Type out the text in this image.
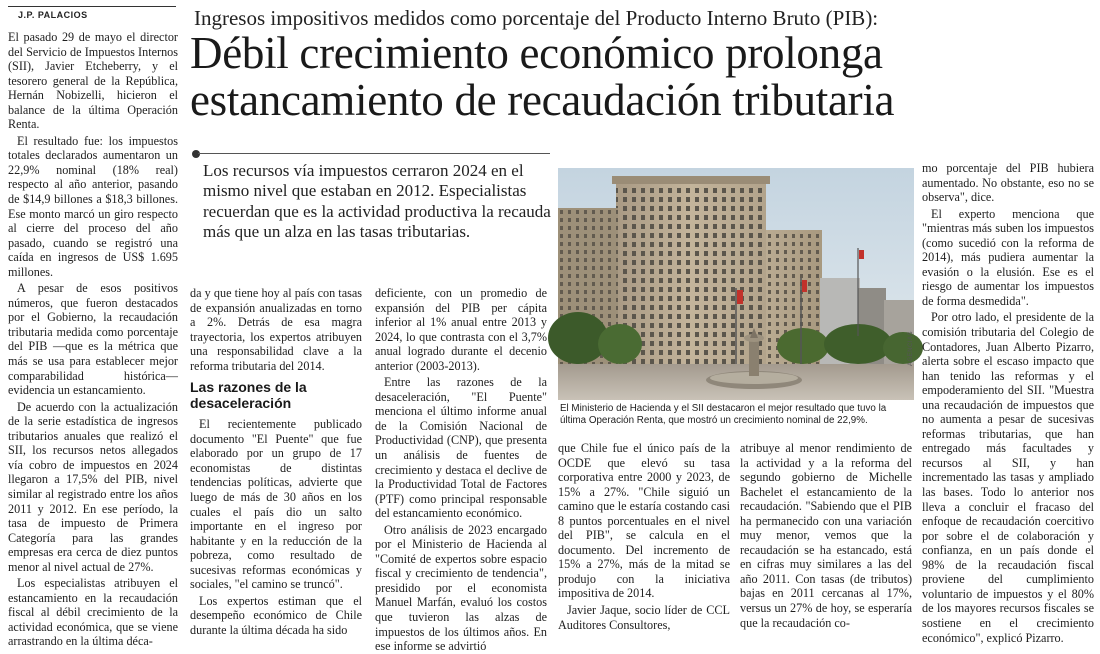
J.P. PALACIOS

El pasado 29 de mayo el director del Servicio de Impuestos Internos (SII), Javier Etcheberry, y el tesorero general de la República, Hernán Nobizelli, hicieron el balance de la última Operación Renta.

El resultado fue: los impuestos totales declarados aumentaron un 22,9% nominal (18% real) respecto al año anterior, pasando de $14,9 billones a $18,3 billones. Ese monto marcó un giro respecto al cierre del proceso del año pasado, cuando se registró una caída en ingresos de US$ 1.695 millones.

A pesar de esos positivos números, que fueron destacados por el Gobierno, la recaudación tributaria medida como porcentaje del PIB —que es la métrica que más se usa para establecer mejor comparabilidad histórica— evidencia un estancamiento.

De acuerdo con la actualización de la serie estadística de ingresos tributarios anuales que realizó el SII, los recursos netos allegados vía cobro de impuestos en 2024 llegaron a 17,5% del PIB, nivel similar al registrado entre los años 2011 y 2012. En ese período, la tasa de impuesto de Primera Categoría para las grandes empresas era cerca de diez puntos menor al nivel actual de 27%.

Los especialistas atribuyen el estancamiento en la recaudación fiscal al débil crecimiento de la actividad económica, que se viene arrastrando en la última déca-

Ingresos impositivos medidos como porcentaje del Producto Interno Bruto (PIB):
Débil crecimiento económico prolonga estancamiento de recaudación tributaria
Los recursos vía impuestos cerraron 2024 en el mismo nivel que estaban en 2012. Especialistas recuerdan que es la actividad productiva la recauda más que un alza en las tasas tributarias.

da y que tiene hoy al país con tasas de expansión anualizadas en torno a 2%. Detrás de esa magra trayectoria, los expertos atribuyen una responsabilidad clave a la reforma tributaria del 2014.

Las razones de la desaceleración

El recientemente publicado documento "El Puente" que fue elaborado por un grupo de 17 economistas de distintas tendencias políticas, advierte que luego de más de 30 años en los cuales el país dio un salto importante en el ingreso por habitante y en la reducción de la pobreza, como resultado de sucesivas reformas económicas y sociales, "el camino se truncó".

Los expertos estiman que el desempeño económico de Chile durante la última década ha sido

deficiente, con un promedio de expansión del PIB per cápita inferior al 1% anual entre 2013 y 2024, lo que contrasta con el 3,7% anual logrado durante el decenio anterior (2003-2013).

Entre las razones de la desaceleración, "El Puente" menciona el último informe anual de la Comisión Nacional de Productividad (CNP), que presenta un análisis de fuentes de crecimiento y destaca el declive de la Productividad Total de Factores (PTF) como principal responsable del estancamiento económico.

Otro análisis de 2023 encargado por el Ministerio de Hacienda al "Comité de expertos sobre espacio fiscal y crecimiento de tendencia", presidido por el economista Manuel Marfán, evaluó los costos que tuvieron las alzas de impuestos de los últimos años. En ese informe se advirtió

AGENCIAS
El Ministerio de Hacienda y el SII destacaron el mejor resultado que tuvo la última Operación Renta, que mostró un crecimiento nominal de 22,9%.

que Chile fue el único país de la OCDE que elevó su tasa corporativa entre 2000 y 2023, de 15% a 27%. "Chile siguió un camino que le estaría costando casi 8 puntos porcentuales en el nivel del PIB", se calcula en el documento. Del incremento de 15% a 27%, más de la mitad se produjo con la iniciativa impositiva de 2014.

Javier Jaque, socio líder de CCL Auditores Consultores,

atribuye al menor rendimiento de la actividad y a la reforma del segundo gobierno de Michelle Bachelet el estancamiento de la recaudación. "Sabiendo que el PIB ha permanecido con una variación muy menor, vemos que la recaudación se ha estancado, está en cifras muy similares a las del año 2011. Con tasas (de tributos) bajas en 2011 cercanas al 17%, versus un 27% de hoy, se esperaría que la recaudación co-

mo porcentaje del PIB hubiera aumentado. No obstante, eso no se observa", dice.

El experto menciona que "mientras más suben los impuestos (como sucedió con la reforma de 2014), más pudiera aumentar la evasión o la elusión. Ese es el riesgo de aumentar los impuestos de forma desmedida".

Por otro lado, el presidente de la comisión tributaria del Colegio de Contadores, Juan Alberto Pizarro, alerta sobre el escaso impacto que han tenido las reformas y el empoderamiento del SII. "Muestra una recaudación de impuestos que no aumenta a pesar de sucesivas reformas tributarias, que han entregado más facultades y recursos al SII, y han incrementado las tasas y ampliado las bases. Todo lo anterior nos lleva a concluir el fracaso del enfoque de recaudación coercitivo por sobre el de colaboración y confianza, en un país donde el 98% de la recaudación fiscal proviene del cumplimiento voluntario de impuestos y el 80% de los mayores recursos fiscales se sostiene en el crecimiento económico", explicó Pizarro.
